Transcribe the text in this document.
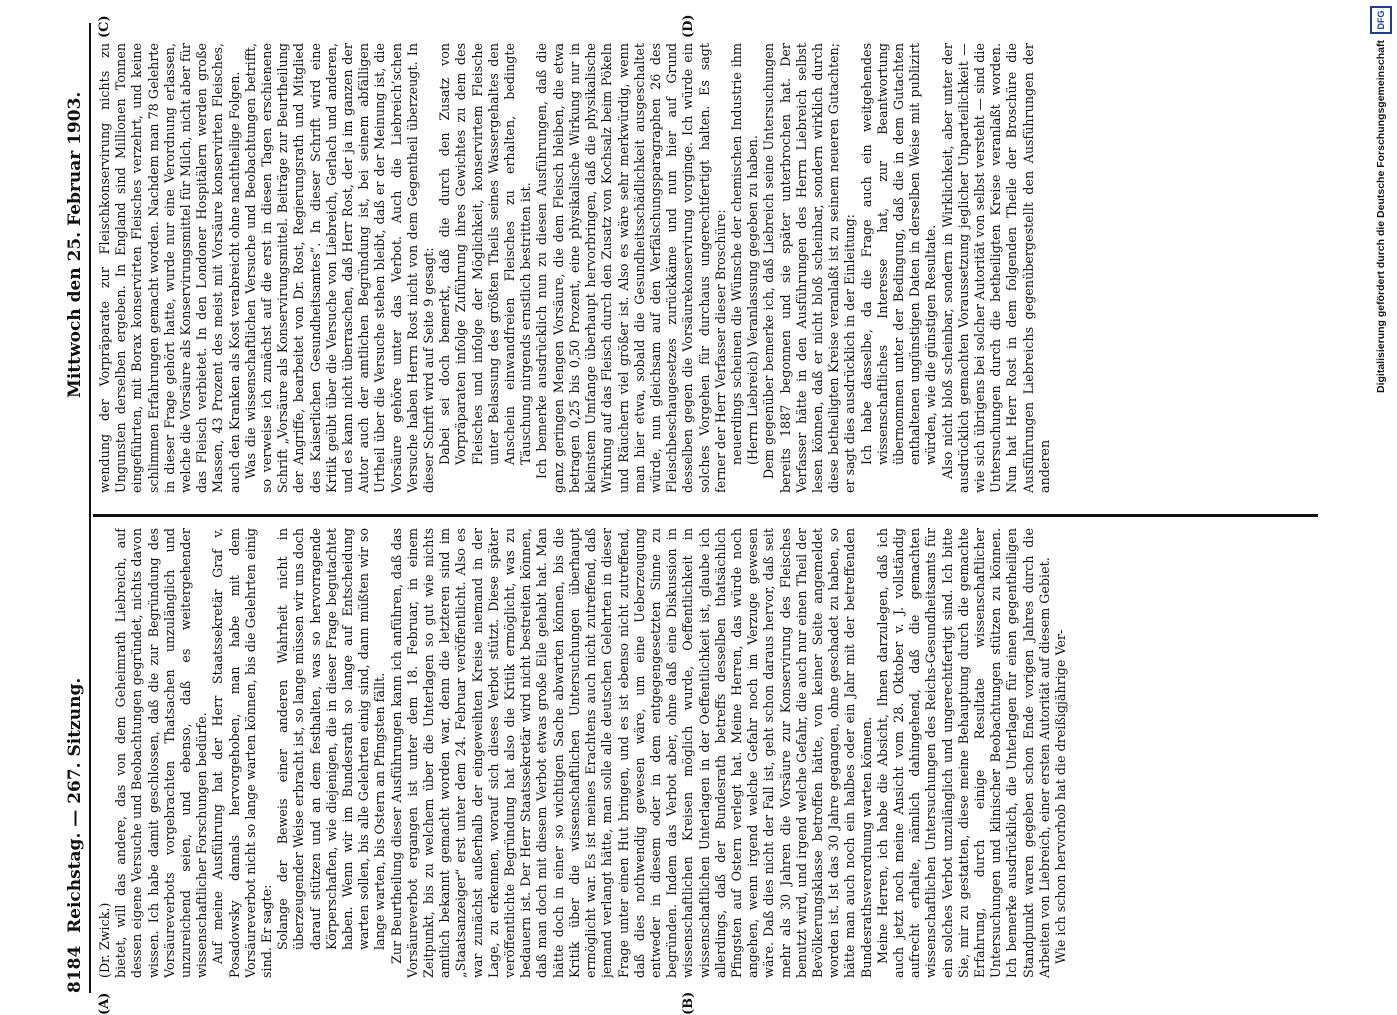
8184
Reichstag. — 267. Sitzung.
Mittwoch den 25. Februar 1903.
(A)	(B)
(C)	(D)

(Dr. Zwick.) bietet, will das andere, das von dem Geheimrath Liebreich, auf dessen eigene Versuche und Beobachtungen gegründet, nichts davon wissen. Ich habe damit geschlossen, daß die zur Begründung des Vorsäureverbots vorgebrachten Thatsachen unzulänglich und unzureichend seien, und ebenso, daß es weitergehender wissenschaftlicher Forschungen bedürfe. Auf meine Ausführung hat der Herr Staatssekretär Graf v. Posadowsky damals hervorgehoben, man habe mit dem Vorsäureverbot nicht so lange warten können, bis die Gelehrten einig sind. Er sagte: Solange der Beweis einer anderen Wahrheit nicht in überzeugender Weise erbracht ist, so lange müssen wir uns doch darauf stützen und an dem festhalten, was so hervorragende Körperschaften, wie diejenigen, die in dieser Frage begutachtet haben. Wenn wir im Bundesrath so lange auf Entscheidung warten sollen, bis alle Gelehrten einig sind, dann müßten wir so lange warten, bis Ostern an Pfingsten fällt. Zur Beurtheilung dieser Ausführungen kann ich anführen, daß das Vorsäureverbot ergangen ist unter dem 18. Februar, in einem Zeitpunkt, bis zu welchem über die Unterlagen so gut wie nichts amtlich bekannt gemacht worden war, denn die letzteren sind im „Staatsanzeiger“ erst unter dem 24. Februar veröffentlicht. Also es war zunächst außerhalb der eingeweihten Kreise niemand in der Lage, zu erkennen, worauf sich dieses Verbot stützt. Diese später veröffentlichte Begründung hat also die Kritik ermöglicht, was zu bedauern ist. Der Herr Staatssekretär wird nicht bestreiten können, daß man doch mit diesem Verbot etwas große Eile gehabt hat. Man hätte doch in einer so wichtigen Sache abwarten können, bis die Kritik über die wissenschaftlichen Untersuchungen überhaupt ermöglicht war. Es ist meines Erachtens auch nicht zutreffend, daß jemand verlangt hätte, man solle alle deutschen Gelehrten in dieser Frage unter einen Hut bringen, und es ist ebenso nicht zutreffend, daß dies nothwendig gewesen wäre, um eine Ueberzeugung entweder in diesem oder in dem entgegengesetzten Sinne zu begründen. Indem das Verbot aber, ohne daß eine Diskussion in wissenschaftlichen Kreisen möglich wurde, Oeffentlichkeit in wissenschaftlichen Unterlagen in der Oeffentlichkeit ist, glaube ich allerdings, daß der Bundesrath betreffs desselben thatsächlich Pfingsten auf Ostern verlegt hat. Meine Herren, das würde noch angehen, wenn irgend welche Gefahr noch im Verzuge gewesen wäre. Daß dies nicht der Fall ist, geht schon daraus hervor, daß seit mehr als 30 Jahren die Vorsäure zur Konservirung des Fleisches benutzt wird, und irgend welche Gefahr, die auch nur einen Theil der Bevölkerungsklasse betroffen hätte, von keiner Seite angemeldet worden ist. Ist das 30 Jahre gegangen, ohne geschadet zu haben, so hätte man auch noch ein halbes oder ein Jahr mit der betreffenden Bundesrathsverordnung warten können. Meine Herren, ich habe die Absicht, Ihnen darzulegen, daß ich auch jetzt noch meine Ansicht vom 28. Oktober v. J. vollständig aufrecht erhalte, nämlich dahingehend, daß die gemachten wissenschaftlichen Untersuchungen des Reichs-Gesundheitsamts für ein solches Verbot unzulänglich und ungerechtfertigt sind. Ich bitte Sie, mir zu gestatten, diese meine Behauptung durch die gemachte Erfahrung, durch einige Resultate wissenschaftlicher Untersuchungen und klinischer Beobachtungen stützen zu können. Ich bemerke ausdrücklich, die Unterlagen für einen gegentheiligen Standpunkt waren gegeben schon Ende vorigen Jahres durch die Arbeiten von Liebreich, einer ersten Autorität auf diesem Gebiet. Wie ich schon hervorhob hat die dreißigjährige Ver-

wendung der Vorpräparate zur Fleischkonservirung nichts zu Ungunsten derselben ergeben. In England sind Millionen Tonnen eingeführten, mit Borax konservirten Fleisches verzehrt, und keine schlimmen Erfahrungen gemacht worden. Nachdem man 78 Gelehrte in dieser Frage gehört hatte, wurde nur eine Verordnung erlassen, welche die Vorsäure als Konservirungsmittel für Milch, nicht aber für das Fleisch verbietet. In den Londoner Hospitälern werden große Massen, 43 Prozent des meist mit Vorsäure konservirten Fleisches, auch den Kranken als Kost verabreicht ohne nachtheilige Folgen. Was die wissenschaftlichen Versuche und Beobachtungen betrifft, so verweise ich zunächst auf die erst in diesen Tagen erschienene Schrift „Vorsäure als Konservirungsmittel. Beiträge zur Beurtheilung der Angriffe, bearbeitet von Dr. Rost, Regierungsrath und Mitglied des Kaiserlichen Gesundheitsamtes“. In dieser Schrift wird eine Kritik geübt über die Versuche von Liebreich, Gerlach und anderen, und es kann nicht überraschen, daß Herr Rost, der ja im ganzen der Autor auch der amtlichen Begründung ist, bei seinem abfälligen Urtheil über die Versuche stehen bleibt, daß er der Meinung ist, die Vorsäure gehöre unter das Verbot. Auch die Liebreich’schen Versuche haben Herrn Rost nicht von dem Gegentheil überzeugt. In dieser Schrift wird auf Seite 9 gesagt: Dabei sei doch bemerkt, daß die durch den Zusatz von Vorpräparaten infolge Zuführung ihres Gewichtes zu dem des Fleisches und infolge der Möglichkeit, konservirtem Fleische unter Belassung des größten Theils seines Wassergehaltes den Anschein einwandfreien Fleisches zu erhalten, bedingte Täuschung nirgends ernstlich bestritten ist. Ich bemerke ausdrücklich nun zu diesen Ausführungen, daß die ganz geringen Mengen Vorsäure, die dem Fleisch bleiben, die etwa betragen 0,25 bis 0,50 Prozent, eine physikalische Wirkung nur in kleinstem Umfange überhaupt hervorbringen, daß die physikalische Wirkung auf das Fleisch durch den Zusatz von Kochsalz beim Pökeln und Räuchern viel größer ist. Also es wäre sehr merkwürdig, wenn man hier etwa, sobald die Gesundheitsschädlichkeit ausgeschaltet würde, nun gleichsam auf den Verfälschungsparagraphen 26 des Fleischbeschaugesetzes zurückkäme und nun hier auf Grund desselben gegen die Vorsäurekonservirung vorginge. Ich würde ein solches Vorgehen für durchaus ungerechtfertigt halten. Es sagt ferner der Herr Verfasser dieser Broschüre: neuerdings scheinen die Wünsche der chemischen Industrie ihm (Herrn Liebreich) Veranlassung gegeben zu haben. Dem gegenüber bemerke ich, daß Liebreich seine Untersuchungen bereits 1887 begonnen und sie später unterbrochen hat. Der Verfasser hätte in den Ausführungen des Herrn Liebreich selbst lesen können, daß er nicht bloß scheinbar, sondern wirklich durch diese betheiligten Kreise veranlaßt ist zu seinem neueren Gutachten; er sagt dies ausdrücklich in der Einleitung: Ich habe dasselbe, da die Frage auch ein weitgehendes wissenschaftliches Interesse hat, zur Beantwortung übernommen unter der Bedingung, daß die in dem Gutachten enthaltenen ungünstigen Daten in derselben Weise mit publizirt würden, wie die günstigen Resultate. Also nicht bloß scheinbar, sondern in Wirklichkeit, aber unter der ausdrücklich gemachten Voraussetzung jeglicher Unparteilichkeit — wie sich übrigens bei solcher Autorität von selbst versteht — sind die Untersuchungen durch die betheiligten Kreise veranlaßt worden. Nun hat Herr Rost in dem folgenden Theile der Broschüre die Ausführungen Liebreichs gegenübergestellt den Ausführungen der anderen

Digitalisierung gefördert durch die Deutsche Forschungsgemeinschaft
DFG
